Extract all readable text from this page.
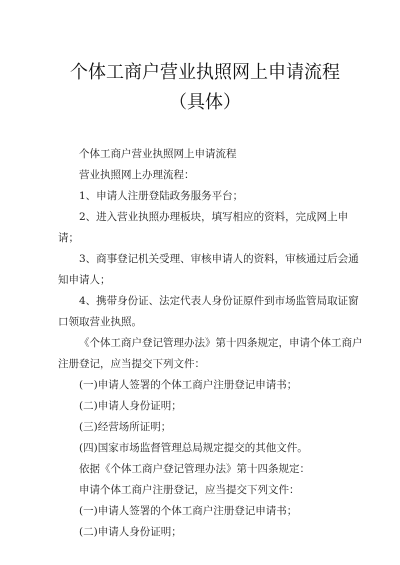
个体工商户营业执照网上申请流程（具体）

个体工商户营业执照网上申请流程

营业执照网上办理流程：

1、申请人注册登陆政务服务平台；

2、进入营业执照办理板块，填写相应的资料，完成网上申请；

3、商事登记机关受理、审核申请人的资料，审核通过后会通知申请人；

4、携带身份证、法定代表人身份证原件到市场监管局取证窗口领取营业执照。

《个体工商户登记管理办法》第十四条规定，申请个体工商户注册登记，应当提交下列文件：

(一)申请人签署的个体工商户注册登记申请书；

(二)申请人身份证明；

(三)经营场所证明；

(四)国家市场监督管理总局规定提交的其他文件。

依据《个体工商户登记管理办法》第十四条规定：

申请个体工商户注册登记，应当提交下列文件：

(一)申请人签署的个体工商户注册登记申请书；

(二)申请人身份证明；
